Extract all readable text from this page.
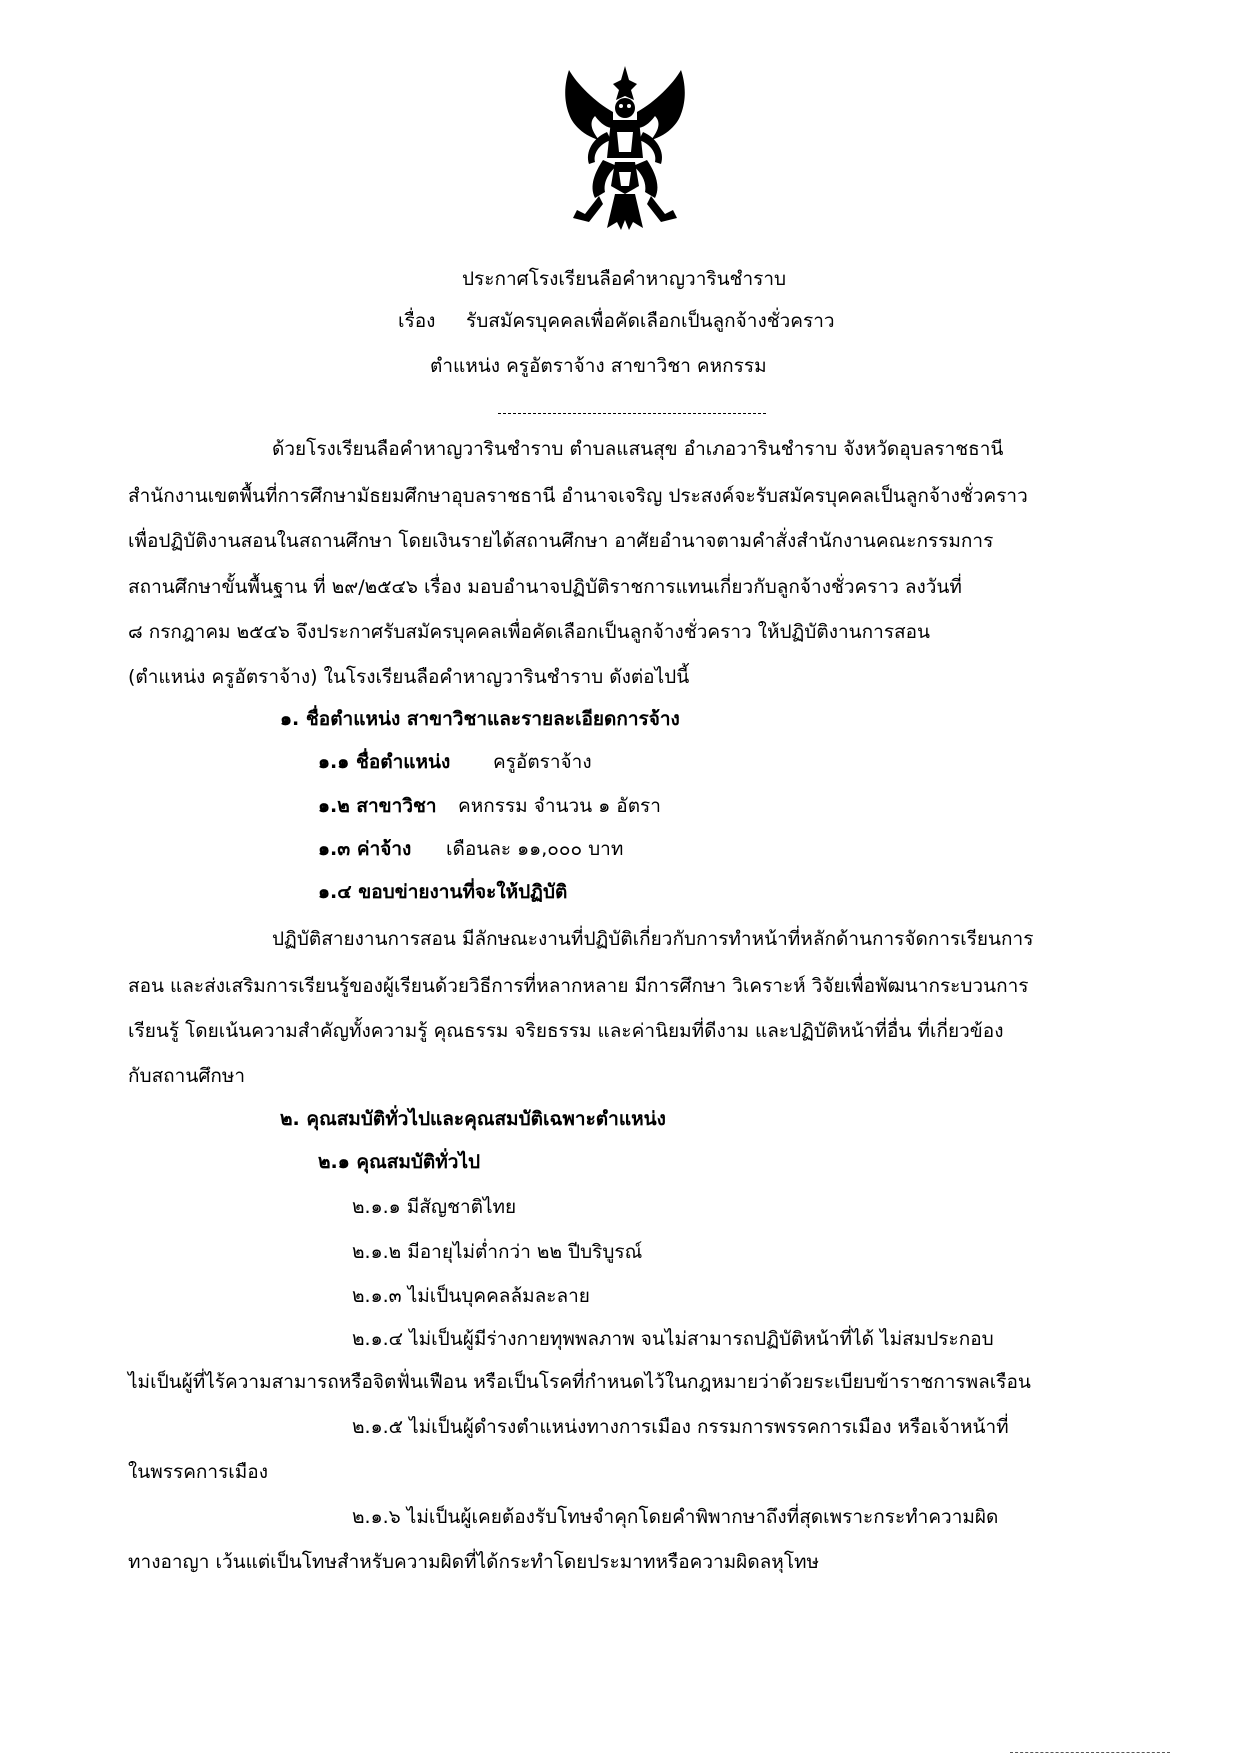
ประกาศโรงเรียนลือคำหาญวารินชำราบ
เรื่อง รับสมัครบุคคลเพื่อคัดเลือกเป็นลูกจ้างชั่วคราว
ตำแหน่ง ครูอัตราจ้าง สาขาวิชา คหกรรม
ด้วยโรงเรียนลือคำหาญวารินชำราบ ตำบลแสนสุข อำเภอวารินชำราบ จังหวัดอุบลราชธานี
สำนักงานเขตพื้นที่การศึกษามัธยมศึกษาอุบลราชธานี อำนาจเจริญ ประสงค์จะรับสมัครบุคคลเป็นลูกจ้างชั่วคราว
เพื่อปฏิบัติงานสอนในสถานศึกษา โดยเงินรายได้สถานศึกษา อาศัยอำนาจตามคำสั่งสำนักงานคณะกรรมการ
สถานศึกษาขั้นพื้นฐาน ที่ ๒๙/๒๕๔๖ เรื่อง มอบอำนาจปฏิบัติราชการแทนเกี่ยวกับลูกจ้างชั่วคราว ลงวันที่
๘ กรกฎาคม ๒๕๔๖ จึงประกาศรับสมัครบุคคลเพื่อคัดเลือกเป็นลูกจ้างชั่วคราว ให้ปฏิบัติงานการสอน
(ตำแหน่ง ครูอัตราจ้าง) ในโรงเรียนลือคำหาญวารินชำราบ ดังต่อไปนี้
๑. ชื่อตำแหน่ง สาขาวิชาและรายละเอียดการจ้าง
๑.๑ ชื่อตำแหน่ง ครูอัตราจ้าง
๑.๒ สาขาวิชา คหกรรม จำนวน ๑ อัตรา
๑.๓ ค่าจ้าง เดือนละ ๑๑,๐๐๐ บาท
๑.๔ ขอบข่ายงานที่จะให้ปฏิบัติ
ปฏิบัติสายงานการสอน มีลักษณะงานที่ปฏิบัติเกี่ยวกับการทำหน้าที่หลักด้านการจัดการเรียนการ
สอน และส่งเสริมการเรียนรู้ของผู้เรียนด้วยวิธีการที่หลากหลาย มีการศึกษา วิเคราะห์ วิจัยเพื่อพัฒนากระบวนการ
เรียนรู้ โดยเน้นความสำคัญทั้งความรู้ คุณธรรม จริยธรรม และค่านิยมที่ดีงาม และปฏิบัติหน้าที่อื่น ที่เกี่ยวข้อง
กับสถานศึกษา
๒. คุณสมบัติทั่วไปและคุณสมบัติเฉพาะตำแหน่ง
๒.๑ คุณสมบัติทั่วไป
๒.๑.๑ มีสัญชาติไทย
๒.๑.๒ มีอายุไม่ต่ำกว่า ๒๒ ปีบริบูรณ์
๒.๑.๓ ไม่เป็นบุคคลล้มละลาย
๒.๑.๔ ไม่เป็นผู้มีร่างกายทุพพลภาพ จนไม่สามารถปฏิบัติหน้าที่ได้ ไม่สมประกอบ
ไม่เป็นผู้ที่ไร้ความสามารถหรือจิตฟั่นเฟือน หรือเป็นโรคที่กำหนดไว้ในกฎหมายว่าด้วยระเบียบข้าราชการพลเรือน
๒.๑.๕ ไม่เป็นผู้ดำรงตำแหน่งทางการเมือง กรรมการพรรคการเมือง หรือเจ้าหน้าที่
ในพรรคการเมือง
๒.๑.๖ ไม่เป็นผู้เคยต้องรับโทษจำคุกโดยคำพิพากษาถึงที่สุดเพราะกระทำความผิด
ทางอาญา เว้นแต่เป็นโทษสำหรับความผิดที่ได้กระทำโดยประมาทหรือความผิดลหุโทษ
